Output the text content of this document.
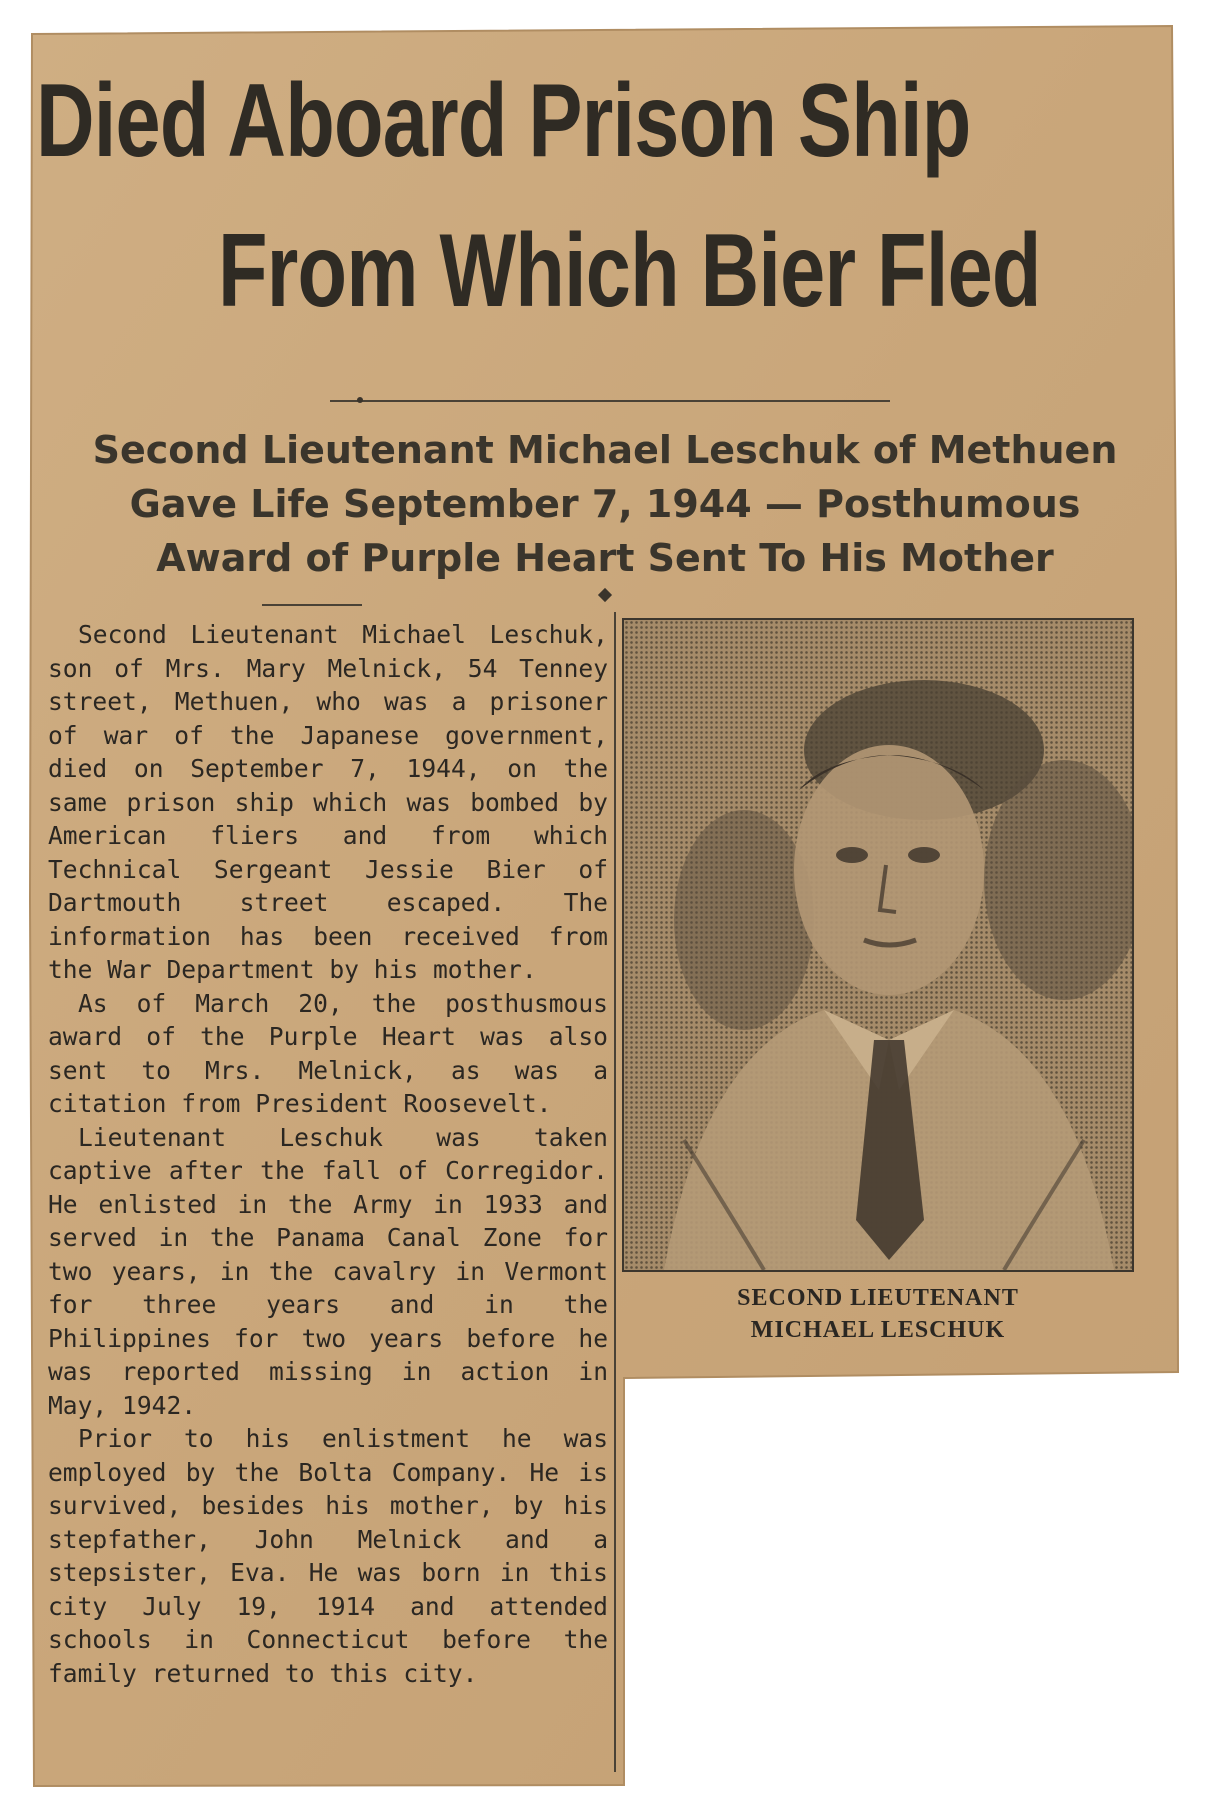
Died Aboard Prison Ship
From Which Bier Fled
Second Lieutenant Michael Leschuk of Methuen
Gave Life September 7, 1944 — Posthumous
Award of Purple Heart Sent To His Mother

Second Lieutenant Michael Leschuk, son of Mrs. Mary Melnick, 54 Tenney street, Methuen, who was a prisoner of war of the Japanese government, died on September 7, 1944, on the same prison ship which was bombed by American fliers and from which Technical Sergeant Jessie Bier of Dartmouth street escaped. The information has been received from the War Department by his mother.

As of March 20, the posthusmous award of the Purple Heart was also sent to Mrs. Melnick, as was a citation from President Roosevelt.

Lieutenant Leschuk was taken captive after the fall of Corregidor. He enlisted in the Army in 1933 and served in the Panama Canal Zone for two years, in the cavalry in Vermont for three years and in the Philippines for two years before he was reported missing in action in May, 1942.

Prior to his enlistment he was employed by the Bolta Company. He is survived, besides his mother, by his stepfather, John Melnick and a stepsister, Eva. He was born in this city July 19, 1914 and attended schools in Connecticut before the family returned to this city.

SECOND LIEUTENANT
MICHAEL LESCHUK
